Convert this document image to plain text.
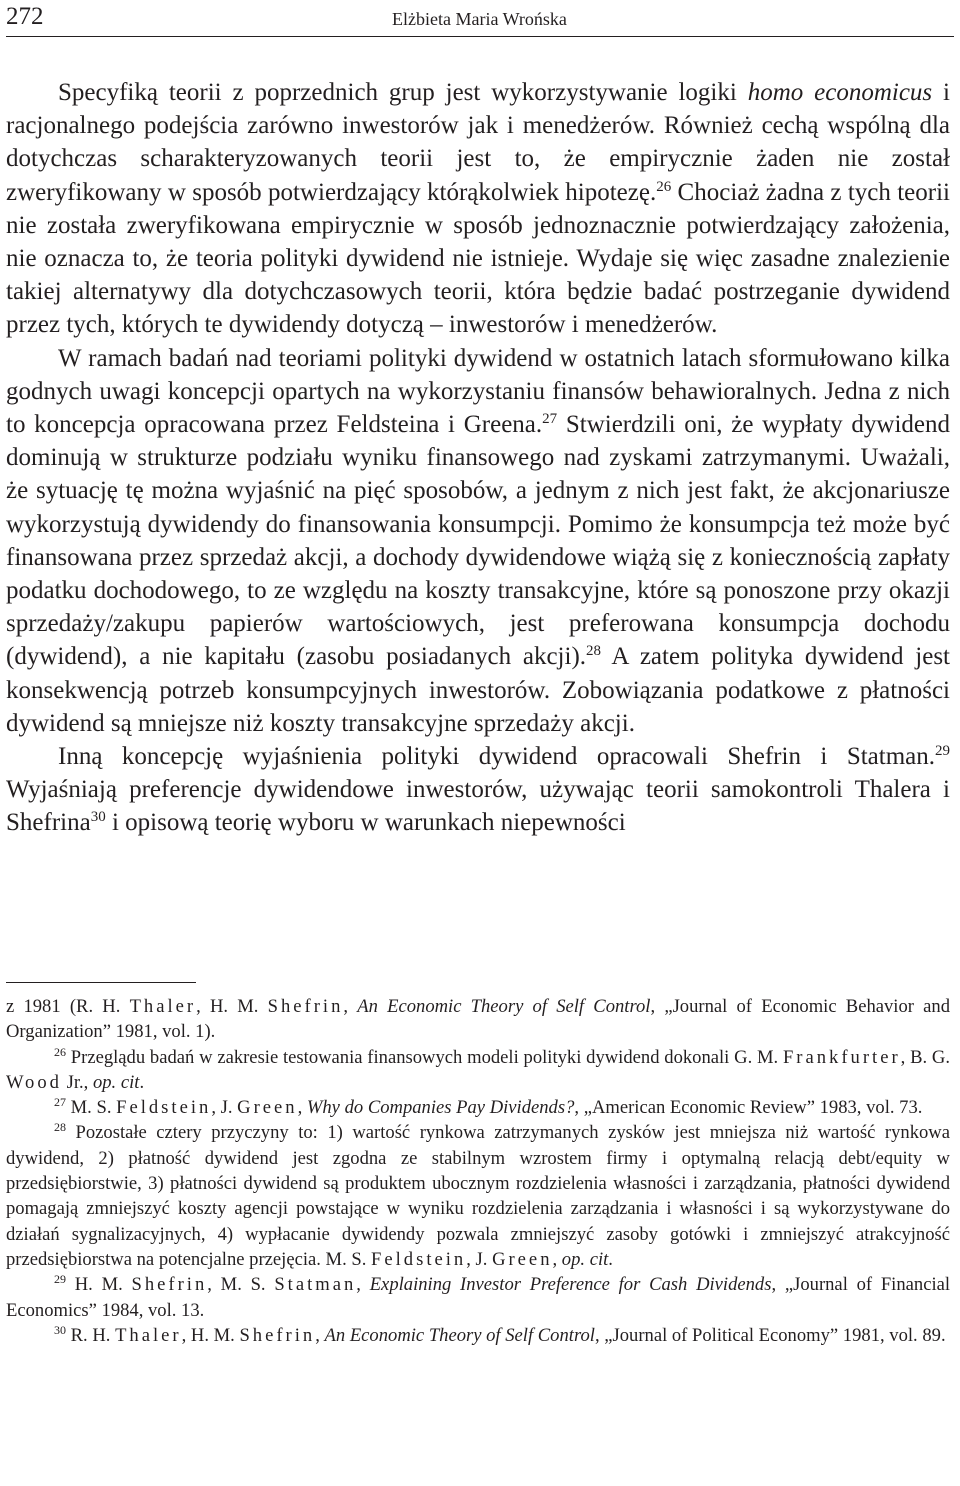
272	Elżbieta Maria Wrońska

Specyfiką teorii z poprzednich grup jest wykorzystywanie logiki homo economicus i racjonalnego podejścia zarówno inwestorów jak i menedżerów. Również cechą wspólną dla dotychczas scharakteryzowanych teorii jest to, że empirycznie żaden nie został zweryfikowany w sposób potwierdzający którąkolwiek hipotezę.$^{26}$ Chociaż żadna z tych teorii nie została zweryfikowana empirycznie w sposób jednoznacznie potwierdzający założenia, nie oznacza to, że teoria polityki dywidend nie istnieje. Wydaje się więc zasadne znalezienie takiej alternatywy dla dotychczasowych teorii, która będzie badać postrzeganie dywidend przez tych, których te dywidendy dotyczą – inwestorów i menedżerów.

W ramach badań nad teoriami polityki dywidend w ostatnich latach sformułowano kilka godnych uwagi koncepcji opartych na wykorzystaniu finansów behawioralnych. Jedna z nich to koncepcja opracowana przez Feldsteina i Greena.$^{27}$ Stwierdzili oni, że wypłaty dywidend dominują w strukturze podziału wyniku finansowego nad zyskami zatrzymanymi. Uważali, że sytuację tę można wyjaśnić na pięć sposobów, a jednym z nich jest fakt, że akcjonariusze wykorzystują dywidendy do finansowania konsumpcji. Pomimo że konsumpcja też może być finansowana przez sprzedaż akcji, a dochody dywidendowe wiążą się z koniecznością zapłaty podatku dochodowego, to ze względu na koszty transakcyjne, które są ponoszone przy okazji sprzedaży/zakupu papierów wartościowych, jest preferowana konsumpcja dochodu (dywidend), a nie kapitału (zasobu posiadanych akcji).$^{28}$ A zatem polityka dywidend jest konsekwencją potrzeb konsumpcyjnych inwestorów. Zobowiązania podatkowe z płatności dywidend są mniejsze niż koszty transakcyjne sprzedaży akcji.

Inną koncepcję wyjaśnienia polityki dywidend opracowali Shefrin i Statman.$^{29}$ Wyjaśniają preferencje dywidendowe inwestorów, używając teorii samokontroli Thalera i Shefrina$^{30}$ i opisową teorię wyboru w warunkach niepewności

z 1981 (R. H. Thaler, H. M. Shefrin, An Economic Theory of Self Control, „Journal of Economic Behavior and Organization” 1981, vol. 1).

$^{26}$ Przeglądu badań w zakresie testowania finansowych modeli polityki dywidend dokonali G. M. Frankfurter, B. G. Wood Jr., op. cit.

$^{27}$ M. S. Feldstein, J. Green, Why do Companies Pay Dividends?, „American Economic Review” 1983, vol. 73.

$^{28}$ Pozostałe cztery przyczyny to: 1) wartość rynkowa zatrzymanych zysków jest mniejsza niż wartość rynkowa dywidend, 2) płatność dywidend jest zgodna ze stabilnym wzrostem firmy i optymalną relacją debt/equity w przedsiębiorstwie, 3) płatności dywidend są produktem ubocznym rozdzielenia własności i zarządzania, płatności dywidend pomagają zmniejszyć koszty agencji powstające w wyniku rozdzielenia zarządzania i własności i są wykorzystywane do działań sygnalizacyjnych, 4) wypłacanie dywidendy pozwala zmniejszyć zasoby gotówki i zmniejszyć atrakcyjność przedsiębiorstwa na potencjalne przejęcia. M. S. Feldstein, J. Green, op. cit.

$^{29}$ H. M. Shefrin, M. S. Statman, Explaining Investor Preference for Cash Dividends, „Journal of Financial Economics” 1984, vol. 13.

$^{30}$ R. H. Thaler, H. M. Shefrin, An Economic Theory of Self Control, „Journal of Political Economy” 1981, vol. 89.
